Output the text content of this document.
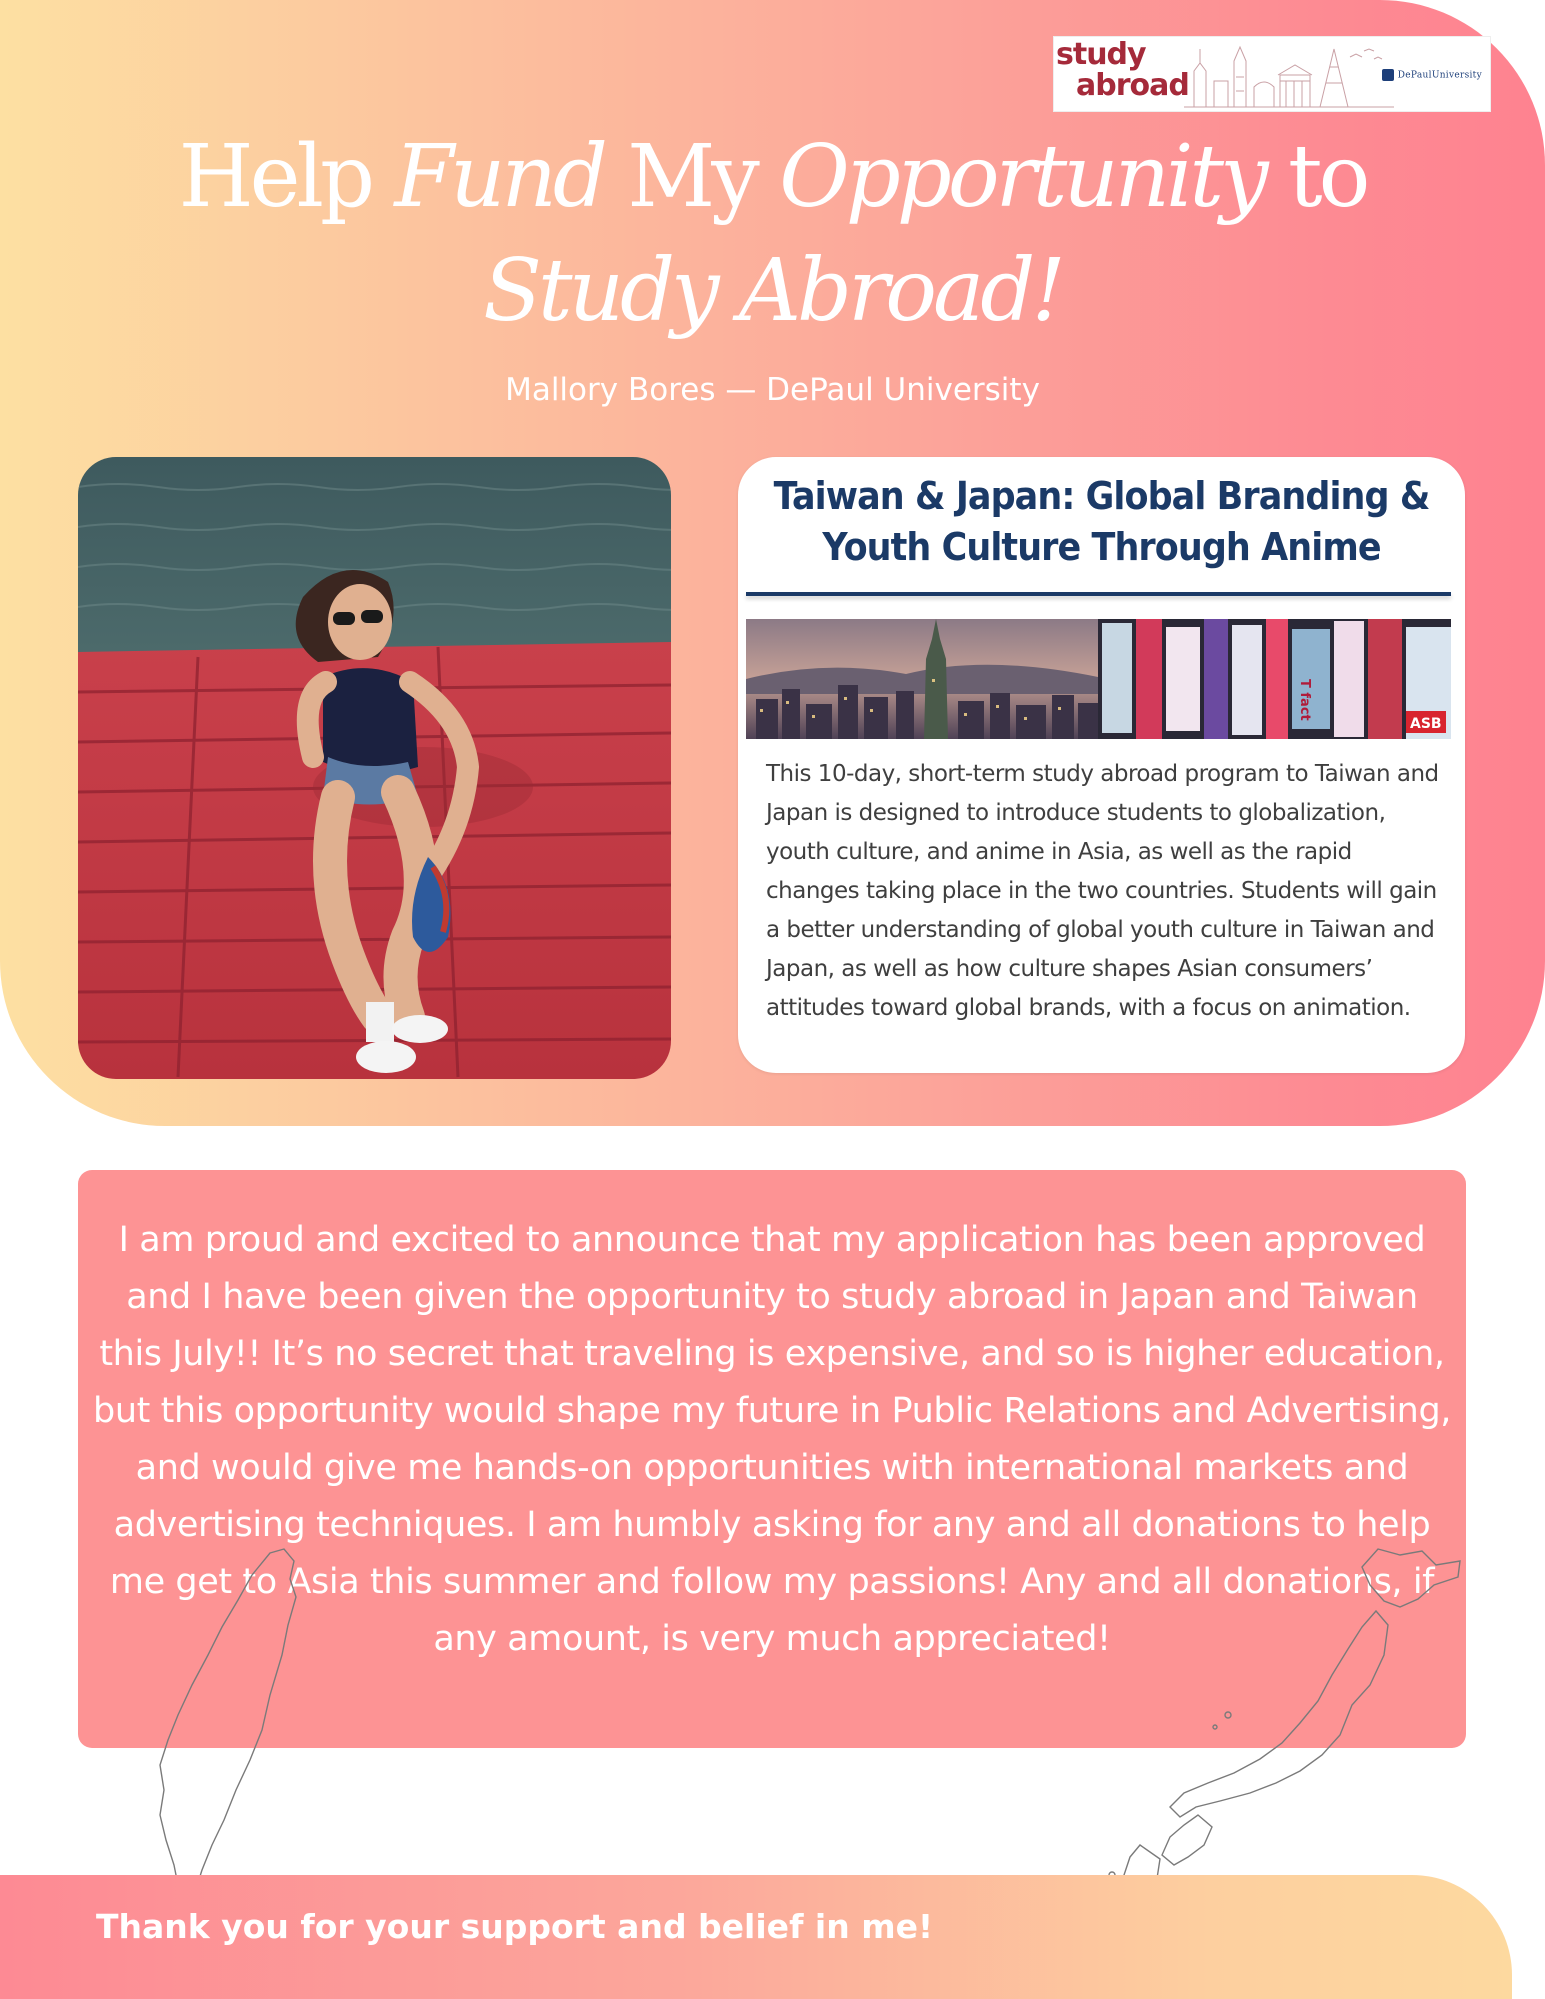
study
abroad	DePaulUniversity
Help Fund My Opportunity to
Study Abroad!
Mallory Bores — DePaul University
Taiwan & Japan: Global Branding &
Youth Culture Through Anime
T fact
ASB

This 10-day, short-term study abroad program to Taiwan and Japan is designed to introduce students to globalization, youth culture, and anime in Asia, as well as the rapid changes taking place in the two countries. Students will gain a better understanding of global youth culture in Taiwan and Japan, as well as how culture shapes Asian consumers’ attitudes toward global brands, with a focus on animation.

I am proud and excited to announce that my application has been approved and I have been given the opportunity to study abroad in Japan and Taiwan this July!! It’s no secret that traveling is expensive, and so is higher education, but this opportunity would shape my future in Public Relations and Advertising, and would give me hands-on opportunities with international markets and advertising techniques. I am humbly asking for any and all donations to help me get to Asia this summer and follow my passions! Any and all donations, if any amount, is very much appreciated!

Thank you for your support and belief in me!
